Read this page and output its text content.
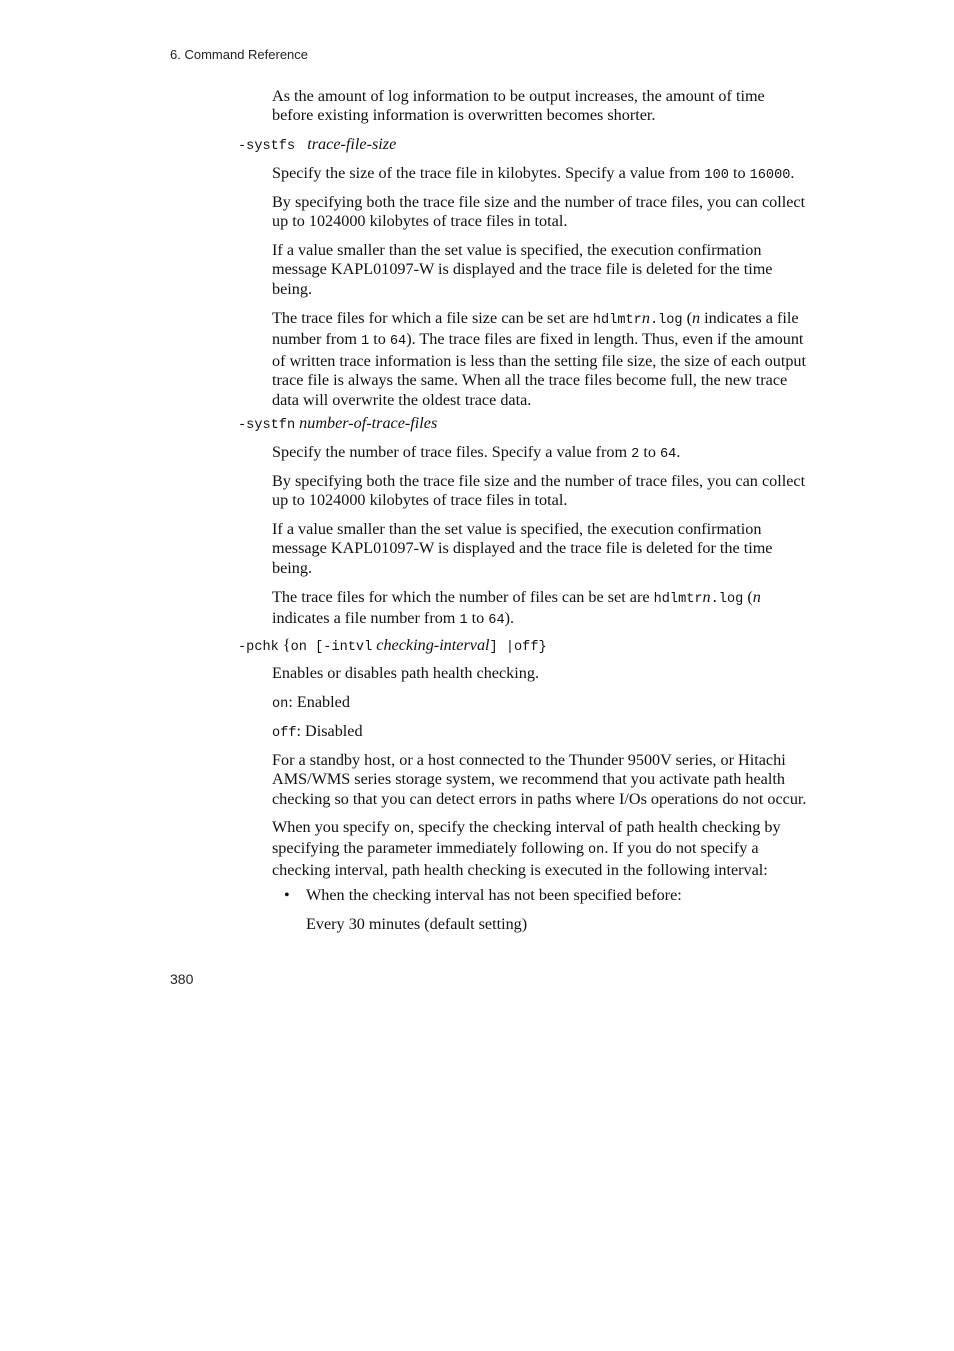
6. Command Reference
As the amount of log information to be output increases, the amount of time
before existing information is overwritten becomes shorter.
-systfs trace-file-size
Specify the size of the trace file in kilobytes. Specify a value from 100 to 16000.
By specifying both the trace file size and the number of trace files, you can collect
up to 1024000 kilobytes of trace files in total.
If a value smaller than the set value is specified, the execution confirmation
message KAPL01097-W is displayed and the trace file is deleted for the time
being.
The trace files for which a file size can be set are hdlmtrn.log (n indicates a file
number from 1 to 64). The trace files are fixed in length. Thus, even if the amount
of written trace information is less than the setting file size, the size of each output
trace file is always the same. When all the trace files become full, the new trace
data will overwrite the oldest trace data.
-systfn number-of-trace-files
Specify the number of trace files. Specify a value from 2 to 64.
By specifying both the trace file size and the number of trace files, you can collect
up to 1024000 kilobytes of trace files in total.
If a value smaller than the set value is specified, the execution confirmation
message KAPL01097-W is displayed and the trace file is deleted for the time
being.
The trace files for which the number of files can be set are hdlmtrn.log (n
indicates a file number from 1 to 64).
-pchk {on [-intvl checking-interval] |off}
Enables or disables path health checking.
on: Enabled
off: Disabled
For a standby host, or a host connected to the Thunder 9500V series, or Hitachi
AMS/WMS series storage system, we recommend that you activate path health
checking so that you can detect errors in paths where I/Os operations do not occur.
When you specify on, specify the checking interval of path health checking by
specifying the parameter immediately following on. If you do not specify a
checking interval, path health checking is executed in the following interval:
• When the checking interval has not been specified before:
Every 30 minutes (default setting)
380
